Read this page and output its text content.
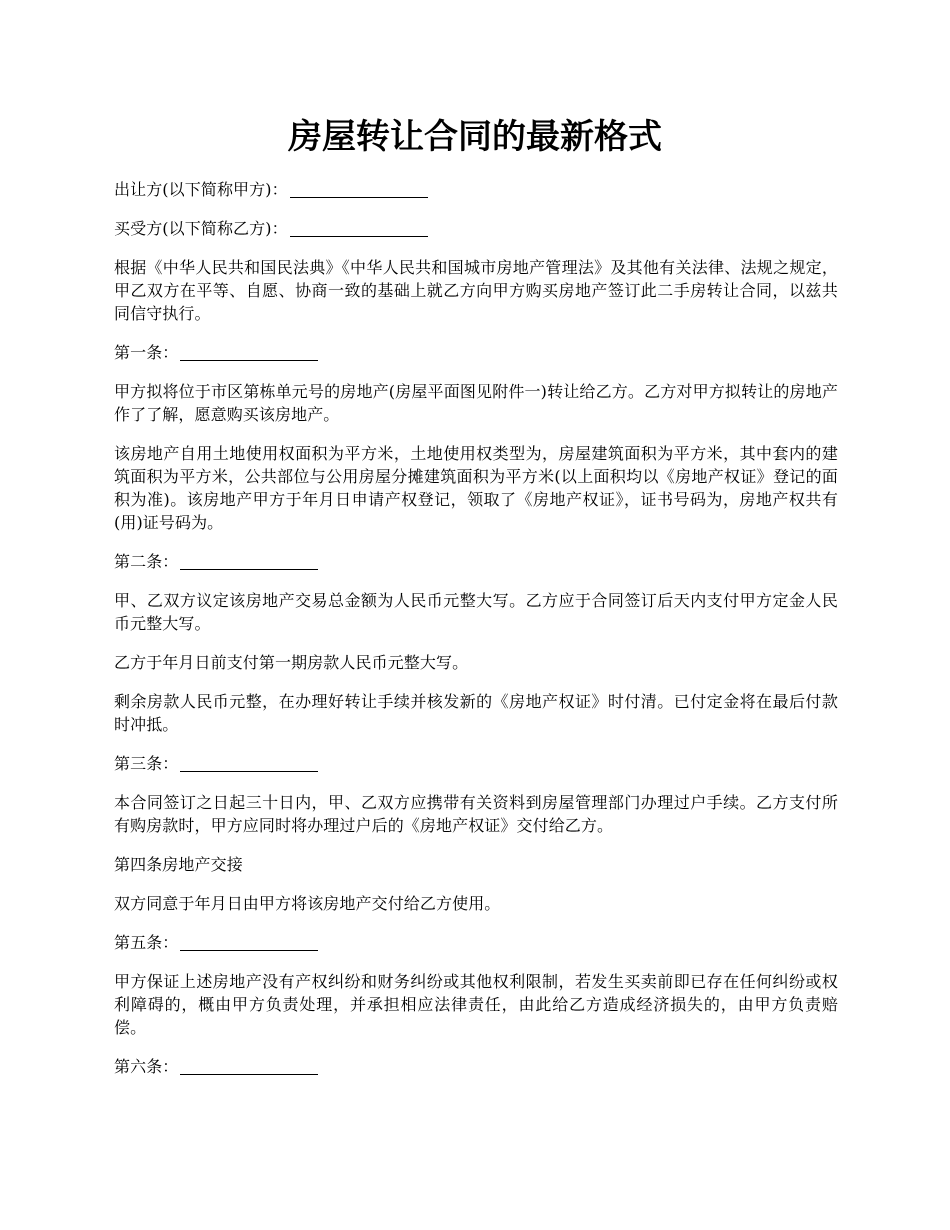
房屋转让合同的最新格式

出让方(以下简称甲方)：

买受方(以下简称乙方)：

根据《中华人民共和国民法典》《中华人民共和国城市房地产管理法》及其他有关法律、法规之规定，甲乙双方在平等、自愿、协商一致的基础上就乙方向甲方购买房地产签订此二手房转让合同，以兹共同信守执行。

第一条：

甲方拟将位于市区第栋单元号的房地产(房屋平面图见附件一)转让给乙方。乙方对甲方拟转让的房地产作了了解，愿意购买该房地产。

该房地产自用土地使用权面积为平方米，土地使用权类型为，房屋建筑面积为平方米，其中套内的建筑面积为平方米，公共部位与公用房屋分摊建筑面积为平方米(以上面积均以《房地产权证》登记的面积为准)。该房地产甲方于年月日申请产权登记，领取了《房地产权证》，证书号码为，房地产权共有(用)证号码为。

第二条：

甲、乙双方议定该房地产交易总金额为人民币元整大写。乙方应于合同签订后天内支付甲方定金人民币元整大写。

乙方于年月日前支付第一期房款人民币元整大写。

剩余房款人民币元整，在办理好转让手续并核发新的《房地产权证》时付清。已付定金将在最后付款时冲抵。

第三条：

本合同签订之日起三十日内，甲、乙双方应携带有关资料到房屋管理部门办理过户手续。乙方支付所有购房款时，甲方应同时将办理过户后的《房地产权证》交付给乙方。

第四条房地产交接

双方同意于年月日由甲方将该房地产交付给乙方使用。

第五条：

甲方保证上述房地产没有产权纠纷和财务纠纷或其他权利限制，若发生买卖前即已存在任何纠纷或权利障碍的，概由甲方负责处理，并承担相应法律责任，由此给乙方造成经济损失的，由甲方负责赔偿。

第六条：
